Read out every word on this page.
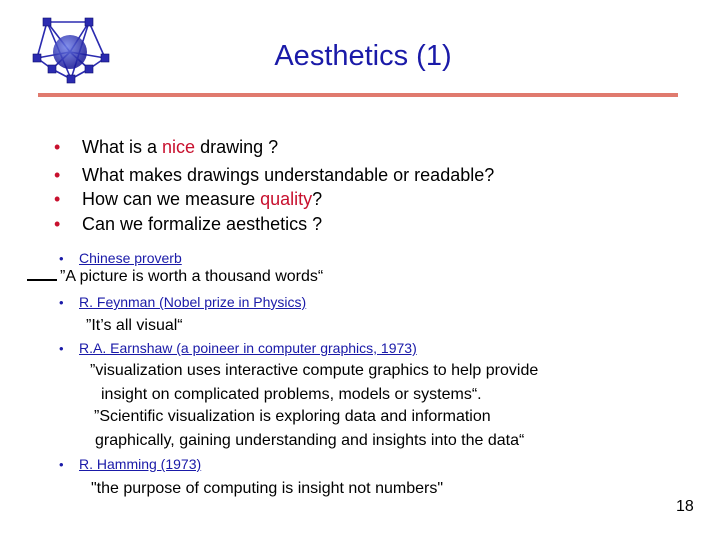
Aesthetics (1)
• What is a nice drawing ?
• What makes drawings understandable or readable?
• How can we measure quality?
• Can we formalize aesthetics ?
• Chinese proverb
”A picture is worth a thousand words“
• R. Feynman (Nobel prize in Physics)
”It’s all visual“
• R.A. Earnshaw (a poineer in computer graphics, 1973)
”visualization uses interactive compute graphics to help provide
insight on complicated problems, models or systems“.
”Scientific visualization is exploring data and information
graphically, gaining understanding and insights into the data“
• R. Hamming (1973)
"the purpose of computing is insight not numbers"
18
